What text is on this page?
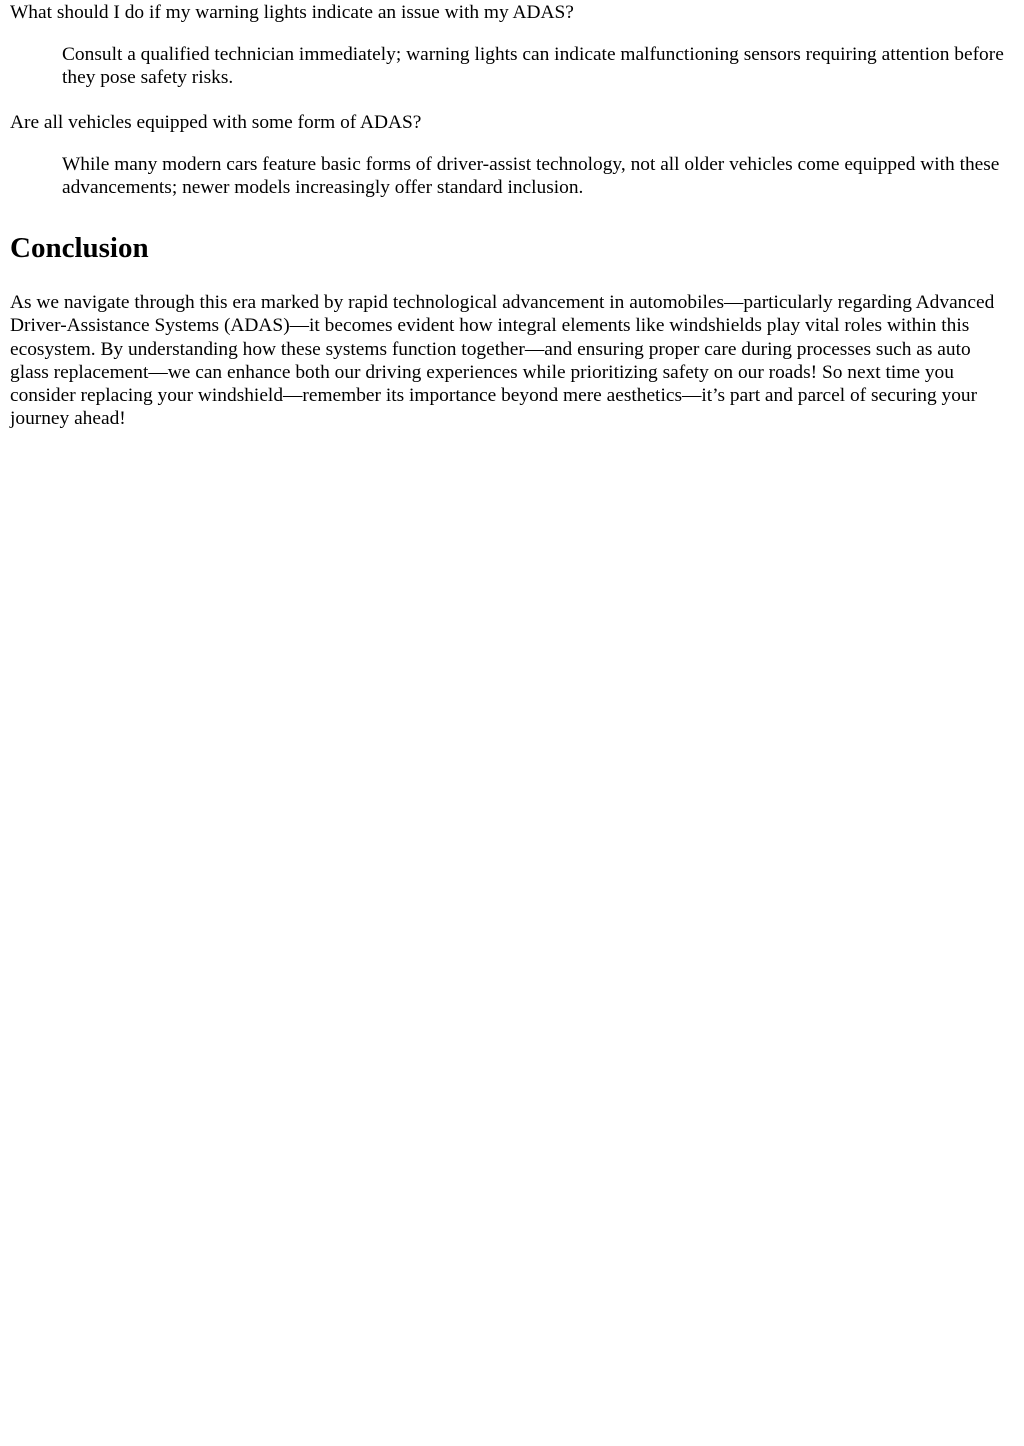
What should I do if my warning lights indicate an issue with my ADAS?
Consult a qualified technician immediately; warning lights can indicate malfunctioning sensors requiring attention before they pose safety risks.
Are all vehicles equipped with some form of ADAS?
While many modern cars feature basic forms of driver-assist technology, not all older vehicles come equipped with these advancements; newer models increasingly offer standard inclusion.
Conclusion

As we navigate through this era marked by rapid technological advancement in automobiles—particularly regarding Advanced Driver-Assistance Systems (ADAS)—it becomes evident how integral elements like windshields play vital roles within this ecosystem. By understanding how these systems function together—and ensuring proper care during processes such as auto glass replacement—we can enhance both our driving experiences while prioritizing safety on our roads! So next time you consider replacing your windshield—remember its importance beyond mere aesthetics—it’s part and parcel of securing your journey ahead!
